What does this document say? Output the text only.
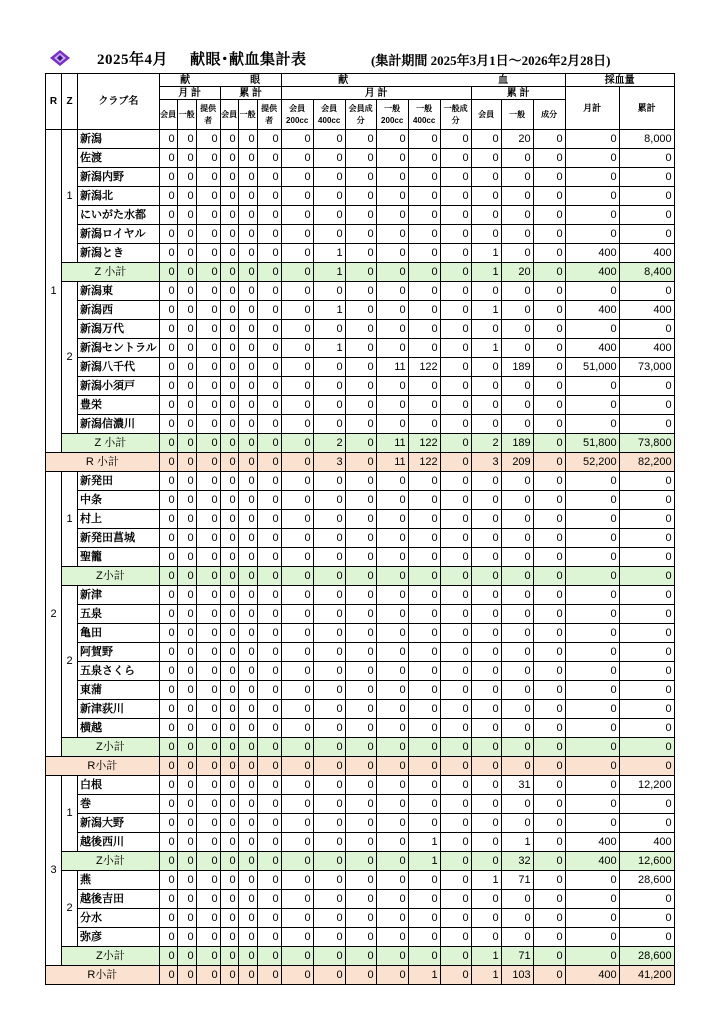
2025年4月 献眼･献血集計表	(集計期間 2025年3月1日～2026年2月28日)
R	Z	クラブ名	献 眼						献 血									採血量	
			月 計			累 計			月 計						累 計			月計	累計
			会員	一般	提供者	会員	一般	提供者	会員200cc	会員400cc	会員成分	一般200cc	一般400cc	一般成分	会員	一般	成分		
1	1	新潟	0	0	0	0	0	0	0	0	0	0	0	0	0	20	0	0	8,000
		佐渡	0	0	0	0	0	0	0	0	0	0	0	0	0	0	0	0	0
		新潟内野	0	0	0	0	0	0	0	0	0	0	0	0	0	0	0	0	0
		新潟北	0	0	0	0	0	0	0	0	0	0	0	0	0	0	0	0	0
		にいがた水都	0	0	0	0	0	0	0	0	0	0	0	0	0	0	0	0	0
		新潟ロイヤル	0	0	0	0	0	0	0	0	0	0	0	0	0	0	0	0	0
		新潟とき	0	0	0	0	0	0	0	1	0	0	0	0	1	0	0	400	400
	Z 小計		0	0	0	0	0	0	0	1	0	0	0	0	1	20	0	400	8,400
	2	新潟東	0	0	0	0	0	0	0	0	0	0	0	0	0	0	0	0	0
		新潟西	0	0	0	0	0	0	0	1	0	0	0	0	1	0	0	400	400
		新潟万代	0	0	0	0	0	0	0	0	0	0	0	0	0	0	0	0	0
		新潟セントラル	0	0	0	0	0	0	0	1	0	0	0	0	1	0	0	400	400
		新潟八千代	0	0	0	0	0	0	0	0	0	11	122	0	0	189	0	51,000	73,000
		新潟小須戸	0	0	0	0	0	0	0	0	0	0	0	0	0	0	0	0	0
		豊栄	0	0	0	0	0	0	0	0	0	0	0	0	0	0	0	0	0
		新潟信濃川	0	0	0	0	0	0	0	0	0	0	0	0	0	0	0	0	0
	Z 小計		0	0	0	0	0	0	0	2	0	11	122	0	2	189	0	51,800	73,800
R 小計			0	0	0	0	0	0	0	3	0	11	122	0	3	209	0	52,200	82,200
2	1	新発田	0	0	0	0	0	0	0	0	0	0	0	0	0	0	0	0	0
		中条	0	0	0	0	0	0	0	0	0	0	0	0	0	0	0	0	0
		村上	0	0	0	0	0	0	0	0	0	0	0	0	0	0	0	0	0
		新発田菖城	0	0	0	0	0	0	0	0	0	0	0	0	0	0	0	0	0
		聖籠	0	0	0	0	0	0	0	0	0	0	0	0	0	0	0	0	0
	Z小計		0	0	0	0	0	0	0	0	0	0	0	0	0	0	0	0	0
	2	新津	0	0	0	0	0	0	0	0	0	0	0	0	0	0	0	0	0
		五泉	0	0	0	0	0	0	0	0	0	0	0	0	0	0	0	0	0
		亀田	0	0	0	0	0	0	0	0	0	0	0	0	0	0	0	0	0
		阿賀野	0	0	0	0	0	0	0	0	0	0	0	0	0	0	0	0	0
		五泉さくら	0	0	0	0	0	0	0	0	0	0	0	0	0	0	0	0	0
		東蒲	0	0	0	0	0	0	0	0	0	0	0	0	0	0	0	0	0
		新津荻川	0	0	0	0	0	0	0	0	0	0	0	0	0	0	0	0	0
		横越	0	0	0	0	0	0	0	0	0	0	0	0	0	0	0	0	0
	Z小計		0	0	0	0	0	0	0	0	0	0	0	0	0	0	0	0	0
R小計			0	0	0	0	0	0	0	0	0	0	0	0	0	0	0	0	0
3	1	白根	0	0	0	0	0	0	0	0	0	0	0	0	0	31	0	0	12,200
		巻	0	0	0	0	0	0	0	0	0	0	0	0	0	0	0	0	0
		新潟大野	0	0	0	0	0	0	0	0	0	0	0	0	0	0	0	0	0
		越後西川	0	0	0	0	0	0	0	0	0	0	1	0	0	1	0	400	400
	Z小計		0	0	0	0	0	0	0	0	0	0	1	0	0	32	0	400	12,600
	2	燕	0	0	0	0	0	0	0	0	0	0	0	0	1	71	0	0	28,600
		越後吉田	0	0	0	0	0	0	0	0	0	0	0	0	0	0	0	0	0
		分水	0	0	0	0	0	0	0	0	0	0	0	0	0	0	0	0	0
		弥彦	0	0	0	0	0	0	0	0	0	0	0	0	0	0	0	0	0
	Z小計		0	0	0	0	0	0	0	0	0	0	0	0	1	71	0	0	28,600
R小計			0	0	0	0	0	0	0	0	0	0	1	0	1	103	0	400	41,200
